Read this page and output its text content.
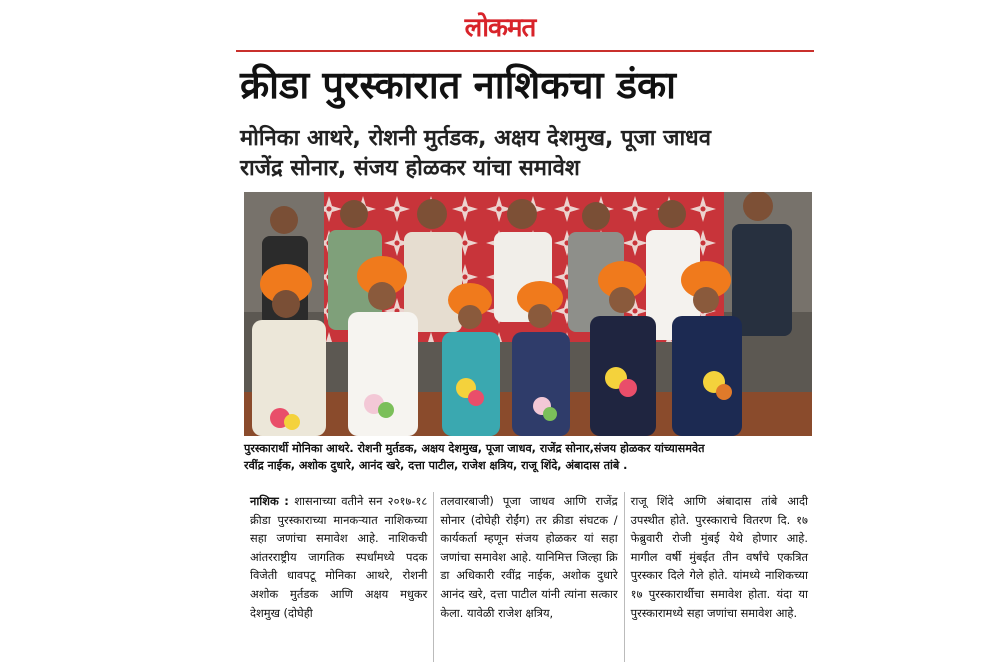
लोकमत
क्रीडा पुरस्कारात नाशिकचा डंका
मोनिका आथरे, रोशनी मुर्तडक, अक्षय देशमुख, पूजा जाधव
राजेंद्र सोनार, संजय होळकर यांचा समावेश
पुरस्कारार्थी मोनिका आथरे. रोशनी मुर्तडक, अक्षय देशमुख, पूजा जाधव, राजेंद्र सोनार,संजय होळकर यांच्यासमवेत
रवींद्र नाईक, अशोक दुधारे, आनंद खरे, दत्ता पाटील, राजेश क्षत्रिय, राजू शिंदे, अंबादास तांबे .

नाशिक : शासनाच्या वतीने सन २०१७-१८ क्रीडा पुरस्काराच्या मानकऱ्यात नाशिकच्या सहा जणांचा समावेश आहे. नाशिकची आंतरराष्ट्रीय जागतिक स्पर्धांमध्ये पदक विजेती धावपटू मोनिका आथरे, रोशनी अशोक मुर्तडक आणि अक्षय मधुकर देशमुख (दोघेही

तलवारबाजी) पूजा जाधव आणि राजेंद्र सोनार (दोघेही रोईंग) तर क्रीडा संघटक /कार्यकर्ता म्हणून संजय होळकर यां सहा जणांचा समावेश आहे. यानिमित्त जिल्हा क्रि डा अधिकारी रवींद्र नाईक, अशोक दुधारे आनंद खरे, दत्ता पाटील यांनी त्यांना सत्कार केला. यावेळी राजेश क्षत्रिय,

राजू शिंदे आणि अंबादास तांबे आदी उपस्थीत होते. पुरस्काराचे वितरण दि. १७ फेब्रुवारी रोजी मुंबई येथे होणार आहे. मागील वर्षी मुंबईत तीन वर्षांचे एकत्रित पुरस्कार दिले गेले होते. यांमध्ये नाशिकच्या १७ पुरस्कारार्थीचा समावेश होता. यंदा या पुरस्कारामध्ये सहा जणांचा समावेश आहे.
